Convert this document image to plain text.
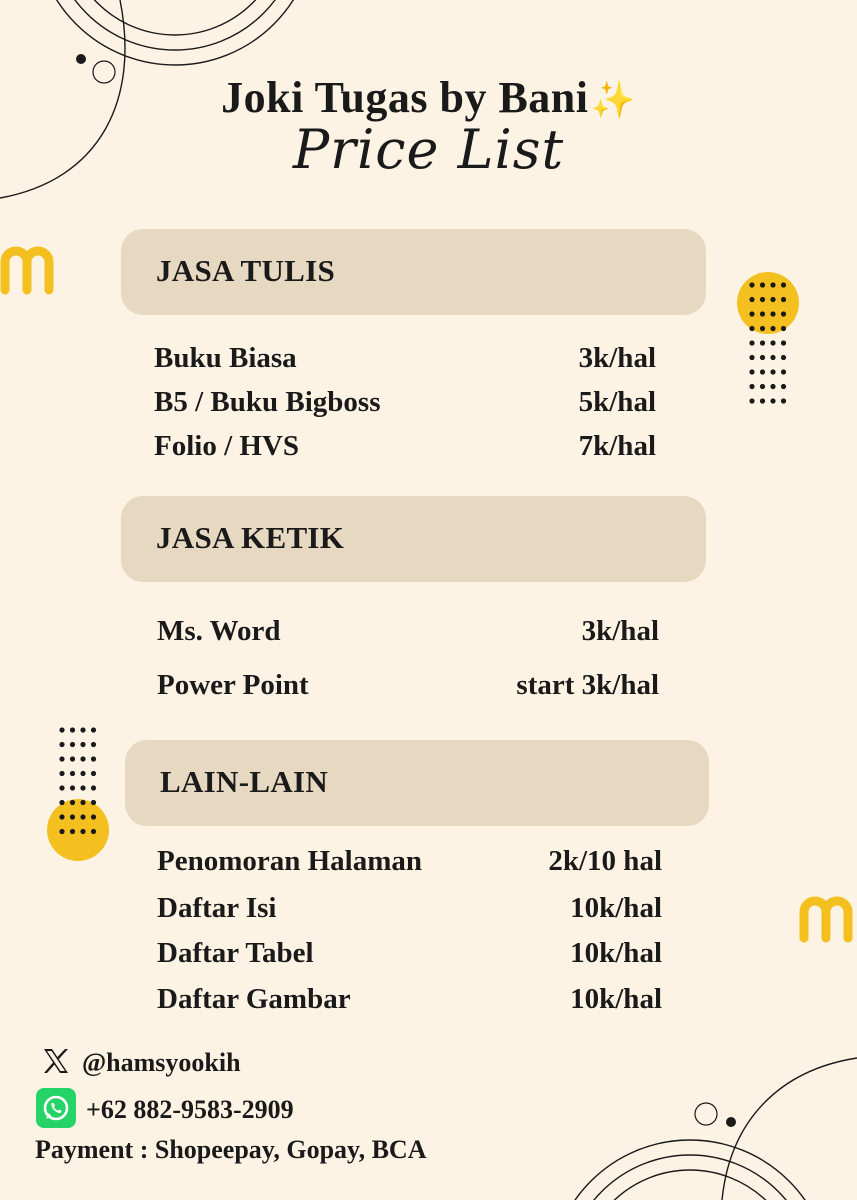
Joki Tugas by Bani✨
Price List
JASA TULIS
Buku Biasa	3k/hal
B5 / Buku Bigboss	5k/hal
Folio / HVS	7k/hal
JASA KETIK
Ms. Word	3k/hal
Power Point	start 3k/hal
LAIN-LAIN
Penomoran Halaman	2k/10 hal
Daftar Isi	10k/hal
Daftar Tabel	10k/hal
Daftar Gambar	10k/hal
@hamsyookih
+62 882-9583-2909
Payment : Shopeepay, Gopay, BCA
